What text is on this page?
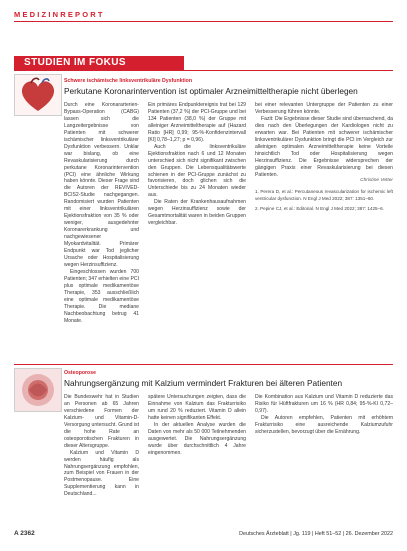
MEDIZINREPORT
STUDIEN IM FOKUS
Schwere ischämische linksventrikuläre Dysfunktion
Perkutane Koronarintervention ist optimaler Arzneimitteltherapie nicht überlegen

Durch eine Koronararterien-Bypass-Operation (CABG) lassen sich die Langzeitergebnisse von Patienten mit schwerer ischämischer linksventrikulärer Dysfunktion verbessern. Unklar war bislang, ob eine Revaskularisierung durch perkutane Koronarintervention (PCI) eine ähnliche Wirkung haben könnte. Dieser Frage sind die Autoren der REVIVED-BCIS2-Studie nachgegangen. Randomisiert wurden Patienten mit einer linksventrikulären Ejektionsfraktion von 35 % oder weniger, ausgedehnter Koronarerkrankung und nachgewiesener Myokardvitalität. Primärer Endpunkt war Tod jeglicher Ursache oder Hospitalisierung wegen Herzinsuffizienz.

Eingeschlossen wurden 700 Patienten; 347 erhielten eine PCI plus optimale medikamentöse Therapie, 353 ausschließlich eine optimale medikamentöse Therapie. Die mediane Nachbeobachtung betrug 41 Monate.

Ein primäres Endpunktereignis trat bei 129 Patienten (37,2 %) der PCI-Gruppe und bei 134 Patienten (38,0 %) der Gruppe mit alleiniger Arzneimitteltherapie auf (Hazard Ratio [HR] 0,99; 95-%-Konfidenzintervall [KI] 0,78–1,27; p = 0,96).

Auch die linksventrikuläre Ejektionsfraktion nach 6 und 12 Monaten unterschied sich nicht signifikant zwischen den Gruppen. Die Lebensqualitätswerte schienen in der PCI-Gruppe zunächst zu favorisieren, doch glichen sich die Unterschiede bis zu 24 Monaten wieder aus.

Die Raten der Krankenhausaufnahmen wegen Herzinsuffizienz sowie der Gesamtmortalität waren in beiden Gruppen vergleichbar.

bei einer relevanten Untergruppe der Patienten zu einer Verbesserung führen könnte.

Fazit: Die Ergebnisse dieser Studie sind überraschend, da dies nach den Überlegungen der Kardiologen nicht zu erwarten war. Bei Patienten mit schwerer ischämischer linksventrikulärer Dysfunktion bringt die PCI im Vergleich zur alleinigen optimalen Arzneimitteltherapie keine Vorteile hinsichtlich Tod oder Hospitalisierung wegen Herzinsuffizienz. Die Ergebnisse widersprechen der gängigen Praxis einer Revaskularisierung bei diesen Patienten.

Christine Vetter
1. Perera D, et al.: Percutaneous revascularization for ischemic left ventricular dysfunction. N Engl J Med 2022; 387: 1351–60.
2. Pepine CJ, et al.: Editorial. N Engl J Med 2022; 387: 1425–6.
Osteoporose
Nahrungsergänzung mit Kalzium vermindert Frakturen bei älteren Patienten

Die Bundeswehr hat in Studien an Personen ab 65 Jahren verschiedene Formen der Kalzium- und Vitamin-D-Versorgung untersucht. Grund ist die hohe Rate an osteoporotischen Frakturen in dieser Altersgruppe.

Kalzium und Vitamin D werden häufig als Nahrungsergänzung empfohlen, zum Beispiel von Frauen in der Postmenopause. Eine Supplementierung kann in Deutschland...

spätere Untersuchungen zeigten, dass die Einnahme von Kalzium das Frakturrisiko um rund 20 % reduziert. Vitamin D allein hatte keinen signifikanten Effekt.

In der aktuellen Analyse wurden die Daten von mehr als 50 000 Teilnehmenden ausgewertet. Die Nahrungsergänzung wurde über durchschnittlich 4 Jahre eingenommen.

Die Kombination aus Kalzium und Vitamin D reduzierte das Risiko für Hüftfrakturen um 16 % (HR 0,84; 95-%-KI 0,72–0,97).

Die Autoren empfehlen, Patienten mit erhöhtem Frakturrisiko eine ausreichende Kalziumzufuhr sicherzustellen, bevorzugt über die Ernährung.

A 2362	Deutsches Ärzteblatt | Jg. 119 | Heft 51–52 | 26. Dezember 2022
